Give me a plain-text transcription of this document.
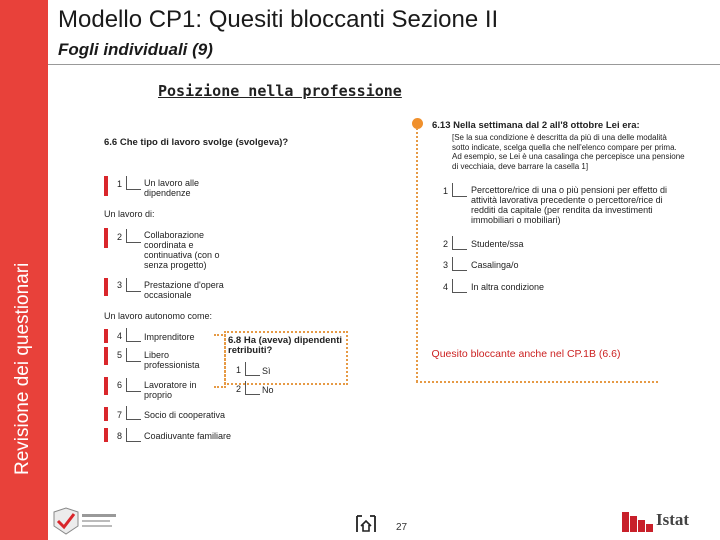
Revisione dei questionari
Modello CP1: Quesiti bloccanti Sezione II
Fogli individuali (9)
Posizione nella professione
6.6 Che tipo di lavoro svolge (svolgeva)?
1 Un lavoro alle dipendenze
Un lavoro di:
2 Collaborazione coordinata e continuativa (con o senza progetto)
3 Prestazione d'opera occasionale
Un lavoro autonomo come:
4 Imprenditore
5 Libero professionista
6 Lavoratore in proprio
7 Socio di cooperativa
8 Coadiuvante familiare
6.8 Ha (aveva) dipendenti retribuiti?
1 Sì
2 No
6.13 Nella settimana dal 2 all'8 ottobre Lei era:
[Se la sua condizione è descritta da più di una delle modalità sotto indicate, scelga quella che nell'elenco compare per prima. Ad esempio, se Lei è una casalinga che percepisce una pensione di vecchiaia, deve barrare la casella 1]
1	Percettore/rice di una o più pensioni per effetto di attività lavorativa precedente o percettore/rice di redditi da capitale (per rendita da investimenti immobiliari o mobiliari)
2	Studente/ssa
3	Casalinga/o
4	In altra condizione
Quesito bloccante anche nel CP.1B (6.6)
27	Istat
